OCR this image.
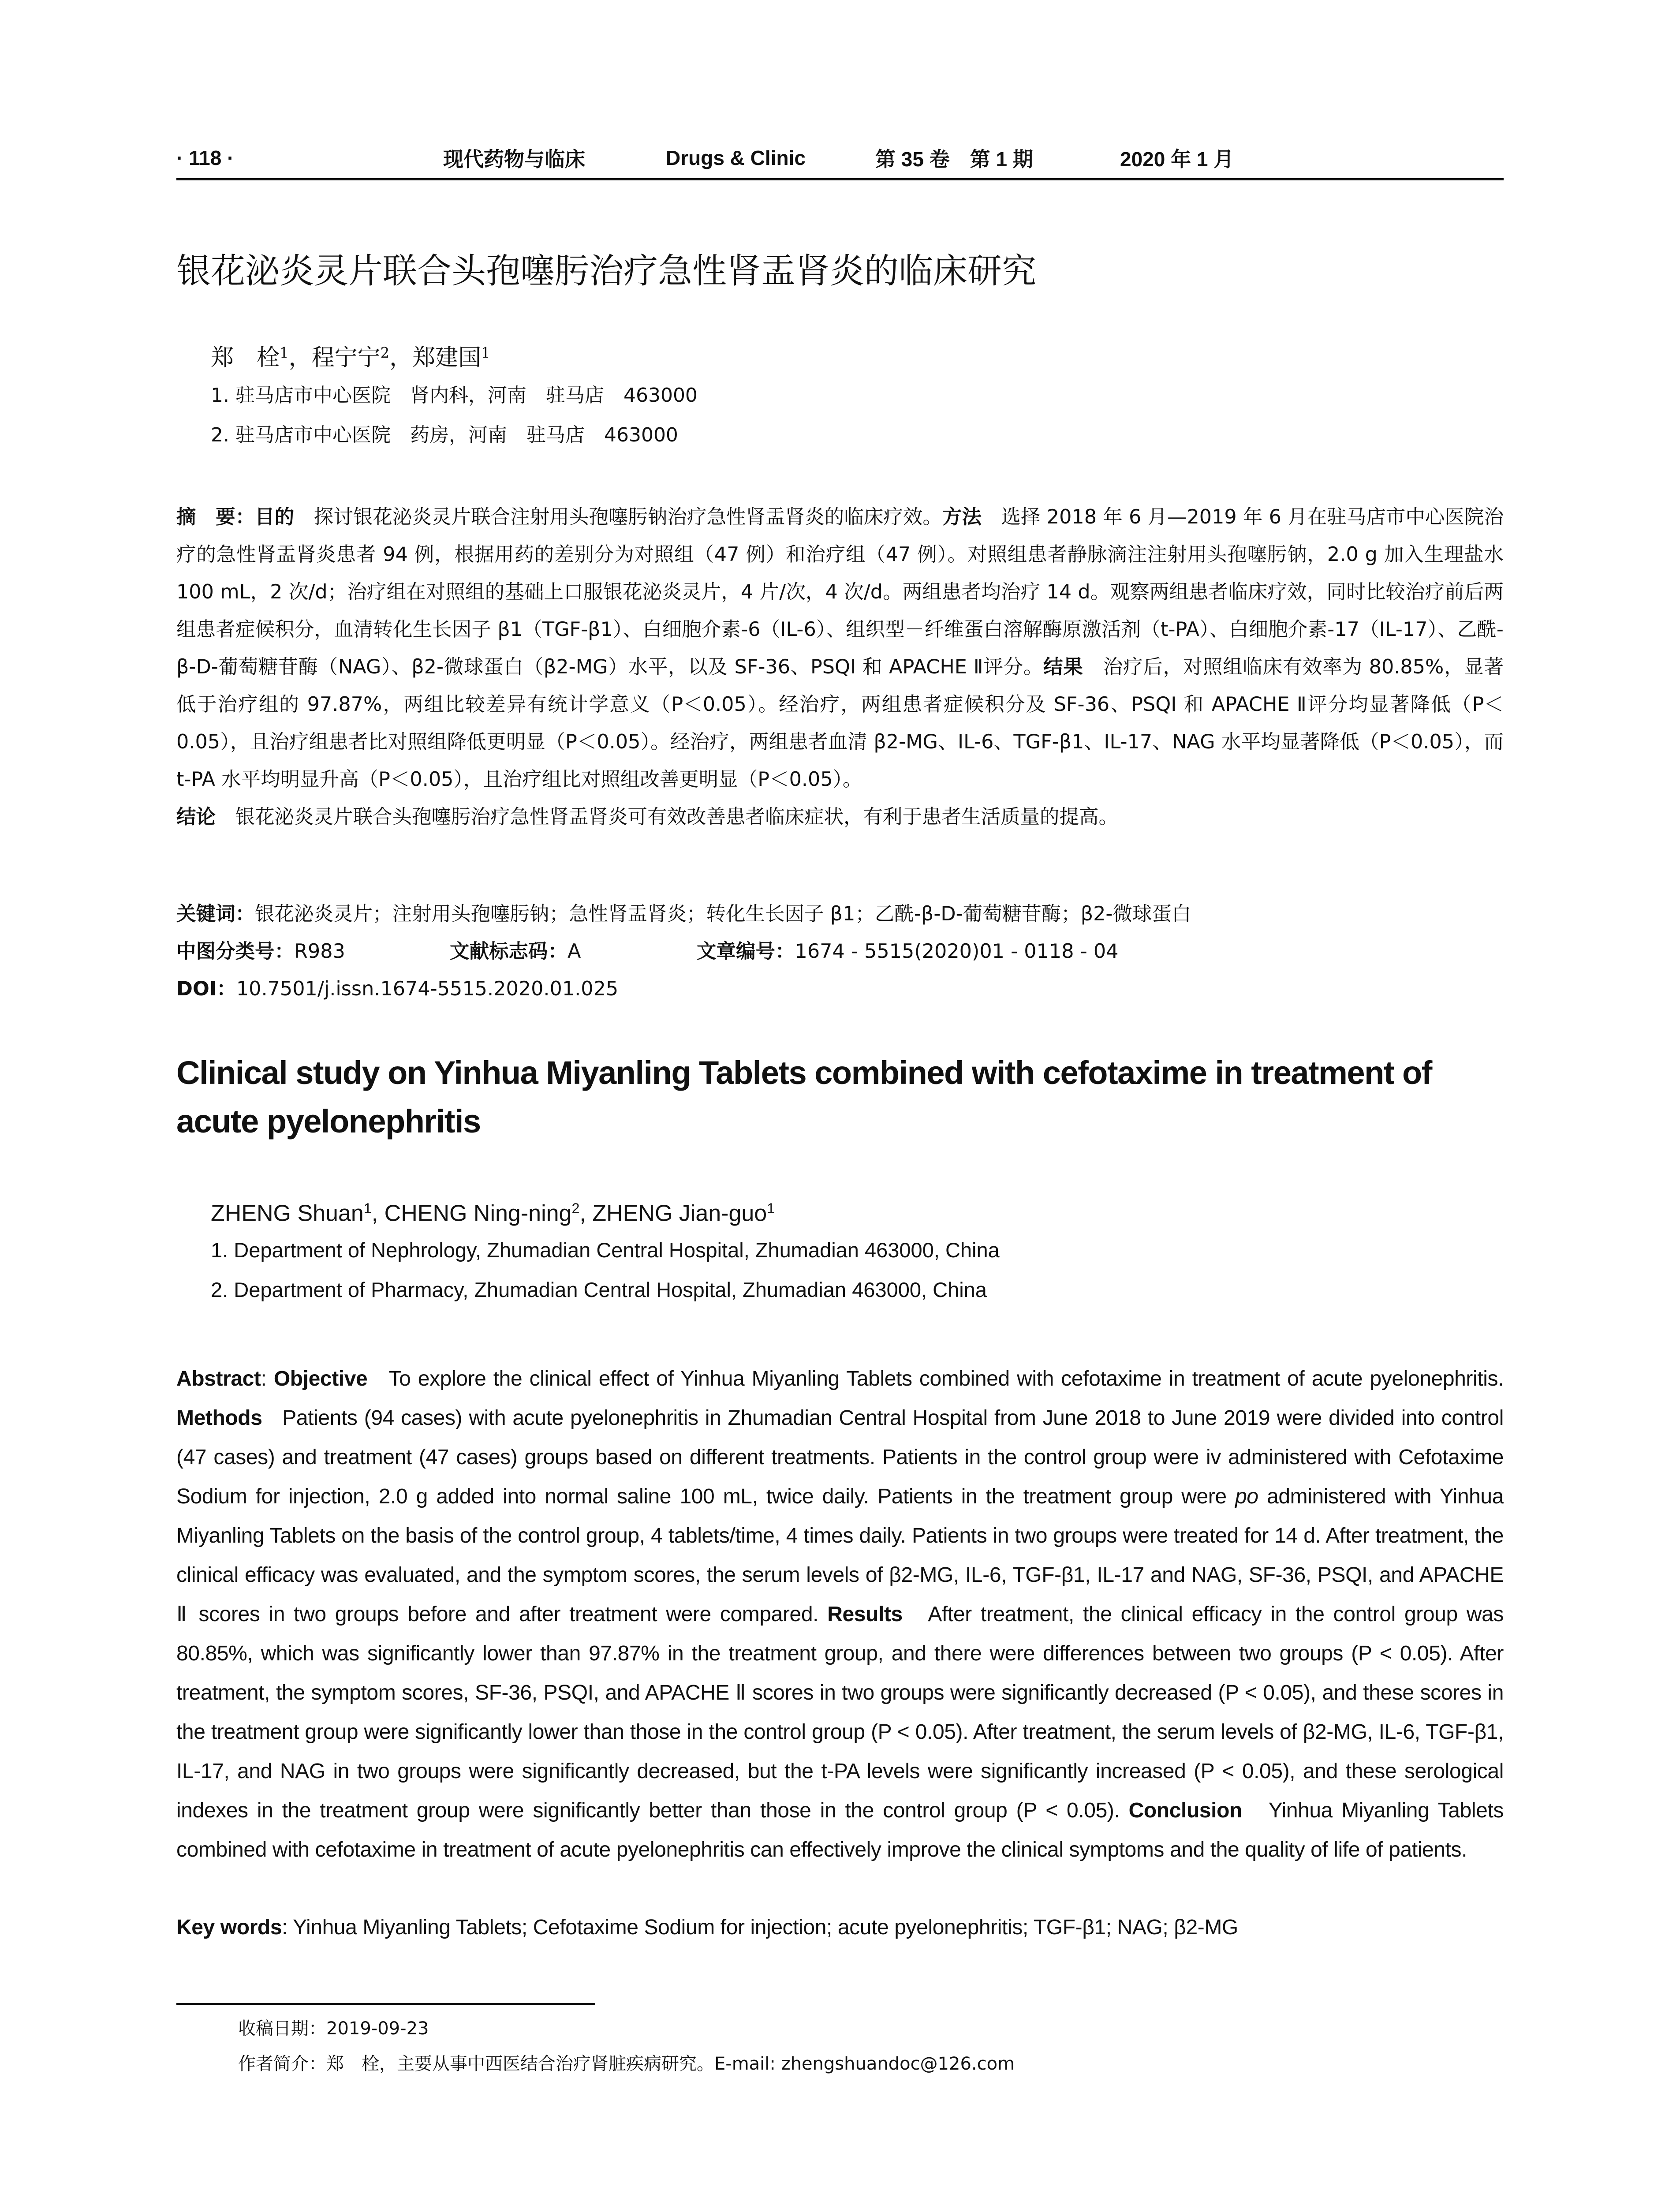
· 118 ·	现代药物与临床	Drugs & Clinic	第 35 卷　第 1 期	2020 年 1 月
银花泌炎灵片联合头孢噻肟治疗急性肾盂肾炎的临床研究
郑　栓$^1$，程宁宁$^2$，郑建国$^1$
1. 驻马店市中心医院　肾内科，河南　驻马店　463000
2. 驻马店市中心医院　药房，河南　驻马店　463000

摘　要：目的　 探讨银花泌炎灵片联合注射用头孢噻肟钠治疗急性肾盂肾炎的临床疗效。方法　 选择 2018 年 6 月—2019 年 6 月在驻马店市中心医院治疗的急性肾盂肾炎患者 94 例，根据用药的差别分为对照组（47 例）和治疗组（47 例）。对照组患者静脉滴注注射用头孢噻肟钠，2.0 g 加入生理盐水 100 mL，2 次/d；治疗组在对照组的基础上口服银花泌炎灵片，4 片/次，4 次/d。两组患者均治疗 14 d。观察两组患者临床疗效，同时比较治疗前后两组患者症候积分，血清转化生长因子 β1（TGF-β1）、白细胞介素-6（IL-6）、组织型－纤维蛋白溶解酶原激活剂（t-PA）、白细胞介素-17（IL-17）、乙酰-β-D-葡萄糖苷酶（NAG）、β2-微球蛋白（β2-MG）水平，以及 SF-36、PSQI 和 APACHE Ⅱ评分。结果　 治疗后，对照组临床有效率为 80.85%，显著低于治疗组的 97.87%，两组比较差异有统计学意义（P＜0.05）。经治疗，两组患者症候积分及 SF-36、PSQI 和 APACHE Ⅱ评分均显著降低（P＜0.05），且治疗组患者比对照组降低更明显（P＜0.05）。经治疗，两组患者血清 β2-MG、IL-6、TGF-β1、IL-17、NAG 水平均显著降低（P＜0.05），而 t-PA 水平均明显升高（P＜0.05），且治疗组比对照组改善更明显（P＜0.05）。

结论　 银花泌炎灵片联合头孢噻肟治疗急性肾盂肾炎可有效改善患者临床症状，有利于患者生活质量的提高。

关键词：银花泌炎灵片；注射用头孢噻肟钠；急性肾盂肾炎；转化生长因子 β1；乙酰-β-D-葡萄糖苷酶；β2-微球蛋白
中图分类号：R983	文献标志码：A	文章编号：1674 - 5515(2020)01 - 0118 - 04
DOI：10.7501/j.issn.1674-5515.2020.01.025
Clinical study on Yinhua Miyanling Tablets combined with cefotaxime in treatment of acute pyelonephritis
ZHENG Shuan$^1$, CHENG Ning-ning$^2$, ZHENG Jian-guo$^1$
1. Department of Nephrology, Zhumadian Central Hospital, Zhumadian 463000, China
2. Department of Pharmacy, Zhumadian Central Hospital, Zhumadian 463000, China

Abstract: Objective To explore the clinical effect of Yinhua Miyanling Tablets combined with cefotaxime in treatment of acute pyelonephritis. Methods Patients (94 cases) with acute pyelonephritis in Zhumadian Central Hospital from June 2018 to June 2019 were divided into control (47 cases) and treatment (47 cases) groups based on different treatments. Patients in the control group were iv administered with Cefotaxime Sodium for injection, 2.0 g added into normal saline 100 mL, twice daily. Patients in the treatment group were po administered with Yinhua Miyanling Tablets on the basis of the control group, 4 tablets/time, 4 times daily. Patients in two groups were treated for 14 d. After treatment, the clinical efficacy was evaluated, and the symptom scores, the serum levels of β2-MG, IL-6, TGF-β1, IL-17 and NAG, SF-36, PSQI, and APACHE Ⅱ scores in two groups before and after treatment were compared. Results After treatment, the clinical efficacy in the control group was 80.85%, which was significantly lower than 97.87% in the treatment group, and there were differences between two groups (P < 0.05). After treatment, the symptom scores, SF-36, PSQI, and APACHE Ⅱ scores in two groups were significantly decreased (P < 0.05), and these scores in the treatment group were significantly lower than those in the control group (P < 0.05). After treatment, the serum levels of β2-MG, IL-6, TGF-β1, IL-17, and NAG in two groups were significantly decreased, but the t-PA levels were significantly increased (P < 0.05), and these serological indexes in the treatment group were significantly better than those in the control group (P < 0.05). Conclusion Yinhua Miyanling Tablets combined with cefotaxime in treatment of acute pyelonephritis can effectively improve the clinical symptoms and the quality of life of patients.

Key words: Yinhua Miyanling Tablets; Cefotaxime Sodium for injection; acute pyelonephritis; TGF-β1; NAG; β2-MG
收稿日期：2019-09-23
作者简介：郑　栓，主要从事中西医结合治疗肾脏疾病研究。E-mail: zhengshuandoc@126.com
